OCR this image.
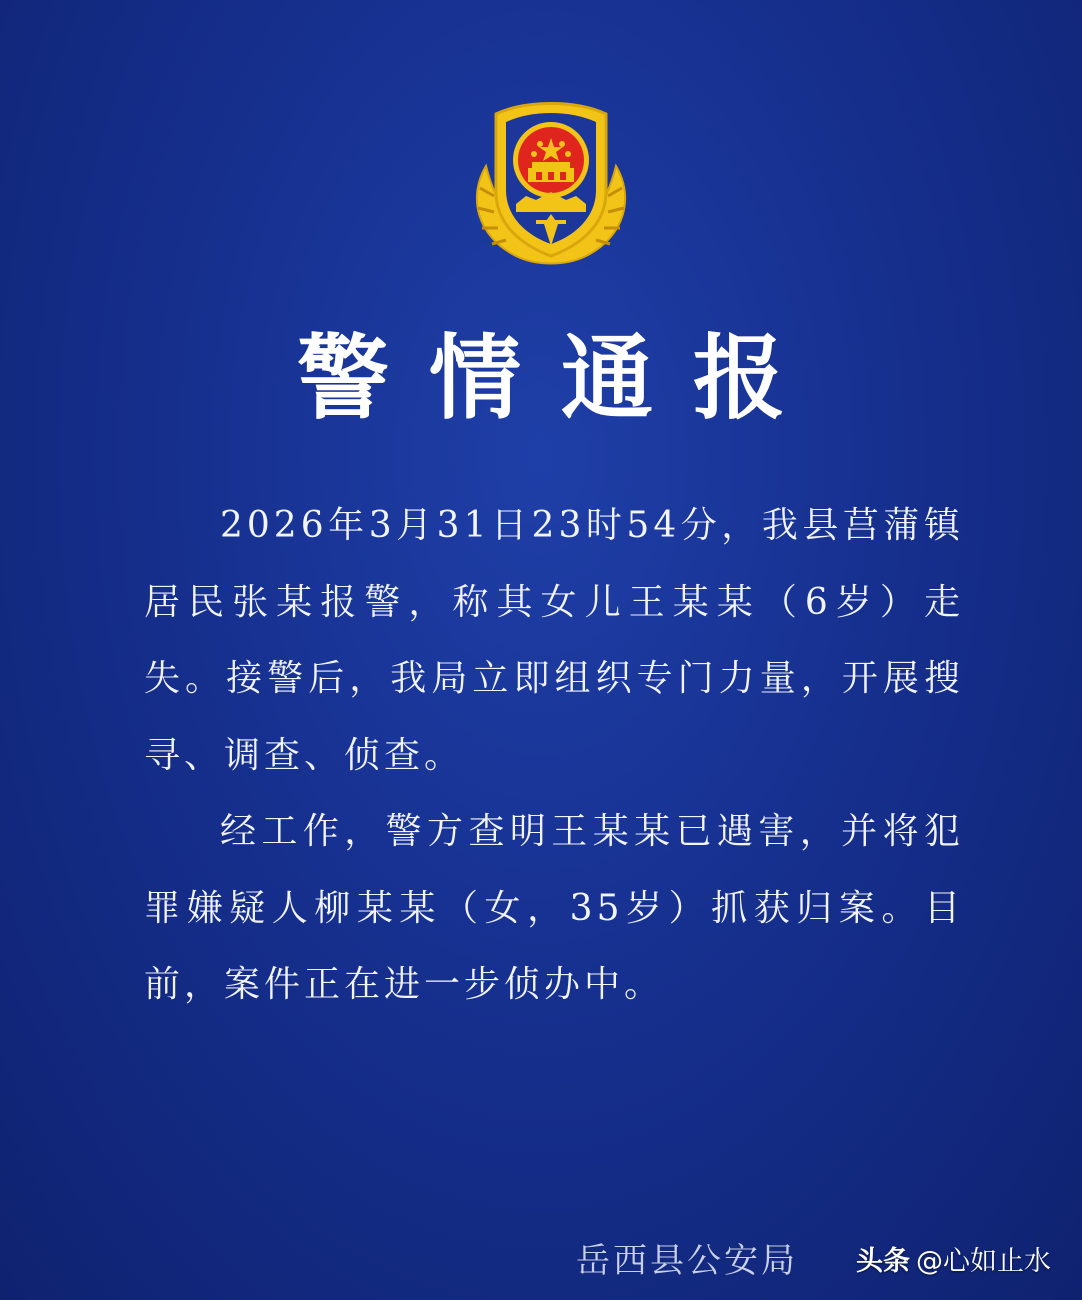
警情通报

2026年3月31日23时54分，我县莒蒲镇居民张某报警，称其女儿王某某（6岁）走失。接警后，我局立即组织专门力量，开展搜寻、调查、侦查。

经工作，警方查明王某某已遇害，并将犯罪嫌疑人柳某某（女，35岁）抓获归案。目前，案件正在进一步侦办中。

岳西县公安局 头条 @心如止水
